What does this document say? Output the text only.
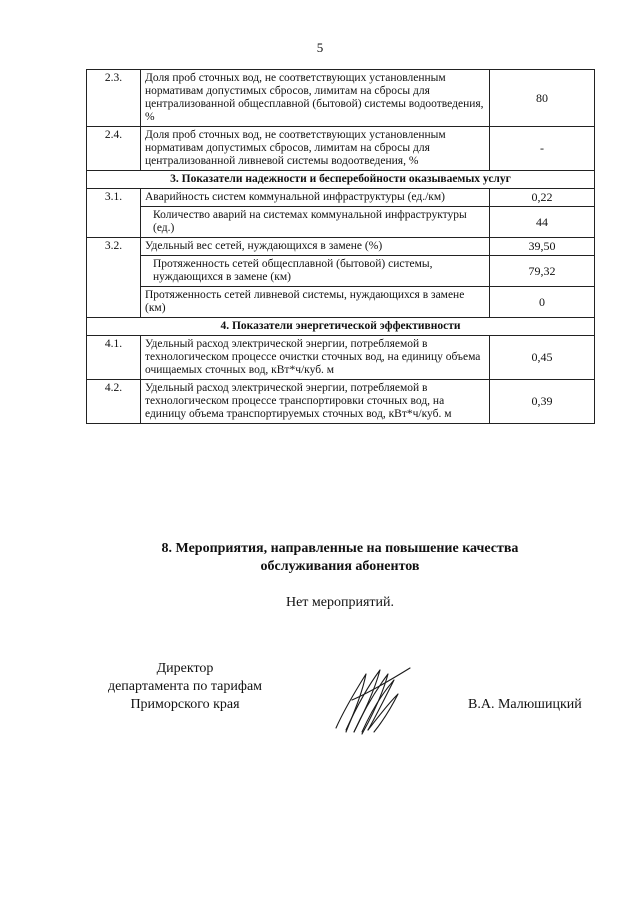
5
2.3.	Доля проб сточных вод, не соответствующих установленным нормативам допустимых сбросов, лимитам на сбросы для централизованной общесплавной (бытовой) системы водоотведения, %	80
2.4.	Доля проб сточных вод, не соответствующих установленным нормативам допустимых сбросов, лимитам на сбросы для централизованной ливневой системы водоотведения, %	-
3. Показатели надежности и бесперебойности оказываемых услуг		
3.1.	Аварийность систем коммунальной инфраструктуры (ед./км)	0,22
	Количество аварий на системах коммунальной инфраструктуры (ед.)	44
3.2.	Удельный вес сетей, нуждающихся в замене (%)	39,50
	Протяженность сетей общесплавной (бытовой) системы, нуждающихся в замене (км)	79,32
	Протяженность сетей ливневой системы, нуждающихся в замене (км)	0
4. Показатели энергетической эффективности		
4.1.	Удельный расход электрической энергии, потребляемой в технологическом процессе очистки сточных вод, на единицу объема очищаемых сточных вод, кВт*ч/куб. м	0,45
4.2.	Удельный расход электрической энергии, потребляемой в технологическом процессе транспортировки сточных вод, на единицу объема транспортируемых сточных вод, кВт*ч/куб. м	0,39
8. Мероприятия, направленные на повышение качества
обслуживания абонентов
Нет мероприятий.
Директор
департамента по тарифам
Приморского края	В.А. Малюшицкий
